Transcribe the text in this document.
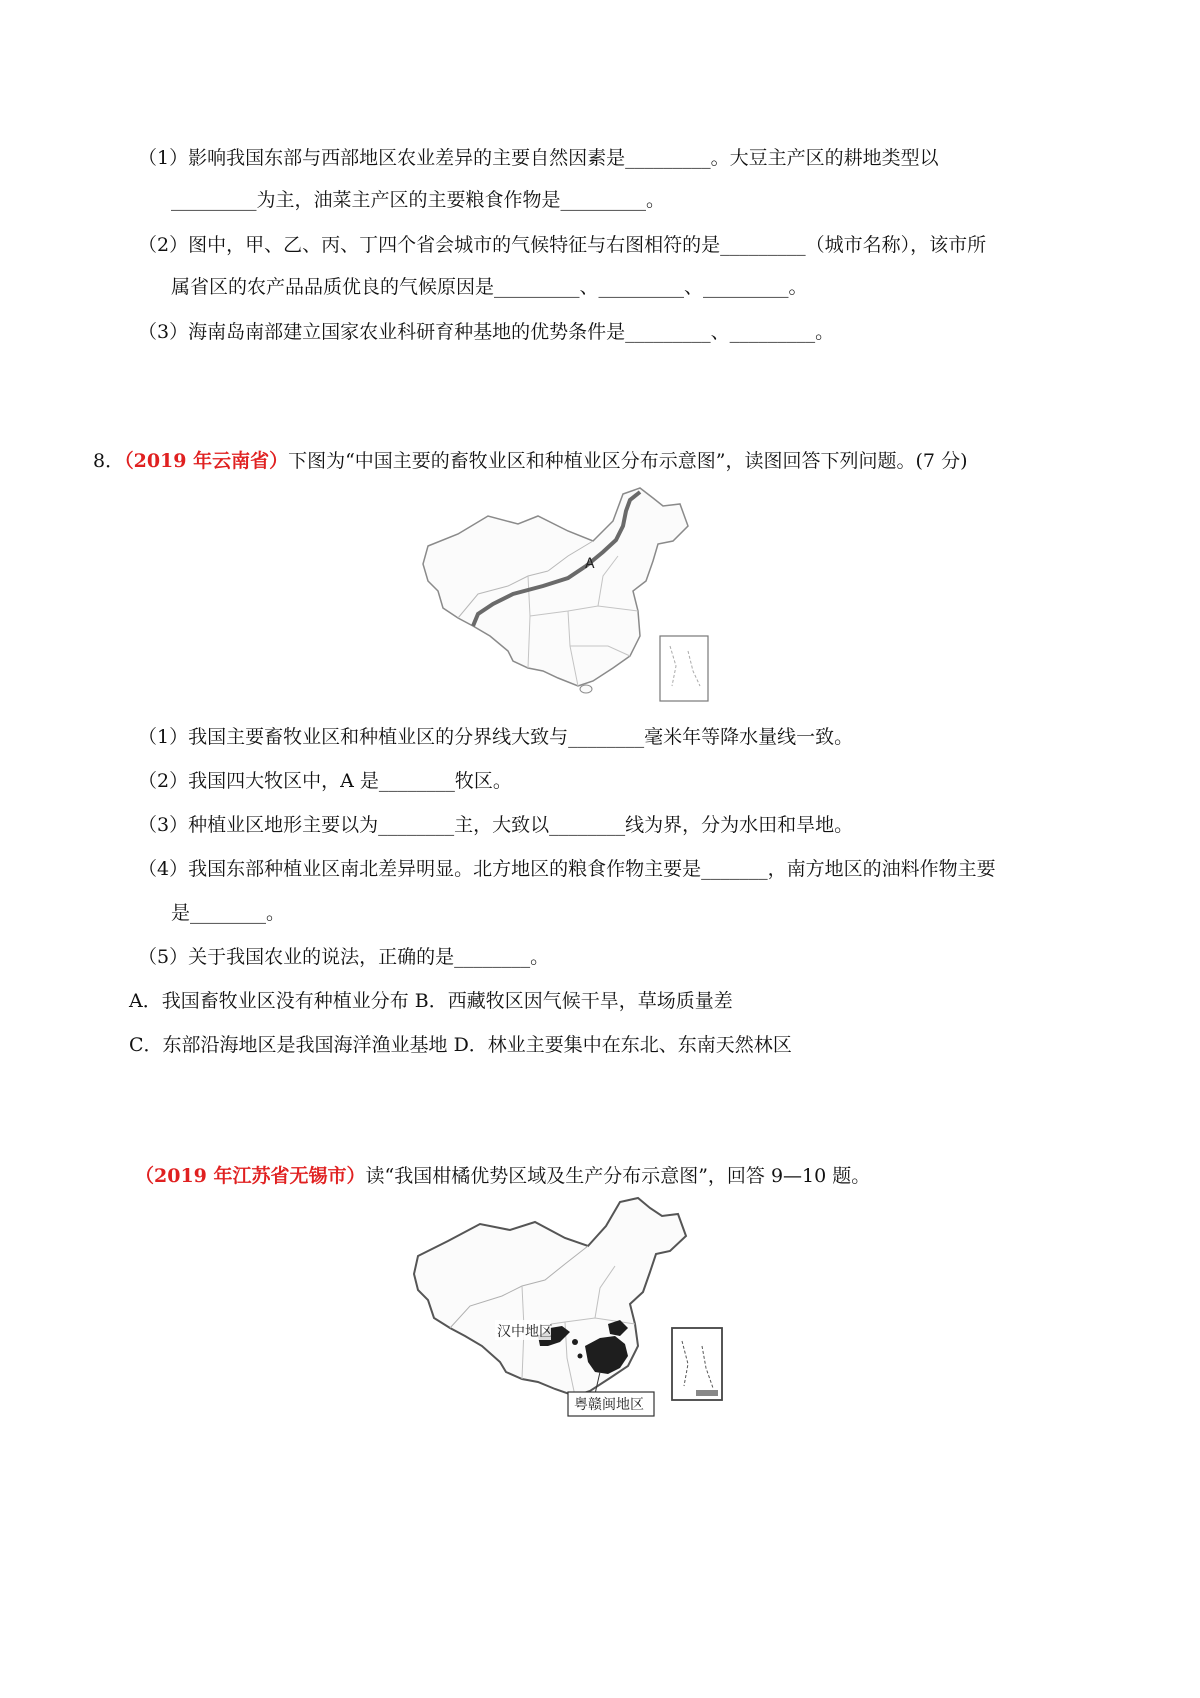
（1）影响我国东部与西部地区农业差异的主要自然因素是_________。大豆主产区的耕地类型以
_________为主，油菜主产区的主要粮食作物是_________。
（2）图中，甲、乙、丙、丁四个省会城市的气候特征与右图相符的是_________（城市名称），该市所
属省区的农产品品质优良的气候原因是_________、_________、_________。
（3）海南岛南部建立国家农业科研育种基地的优势条件是_________、_________。
8．（2019 年云南省）下图为“中国主要的畜牧业区和种植业区分布示意图”，读图回答下列问题。(7 分)
A
（1）我国主要畜牧业区和种植业区的分界线大致与________毫米年等降水量线一致。
（2）我国四大牧区中，A 是________牧区。
（3）种植业区地形主要以为________主，大致以________线为界，分为水田和旱地。
（4）我国东部种植业区南北差异明显。北方地区的粮食作物主要是_______，南方地区的油料作物主要
是________。
（5）关于我国农业的说法，正确的是________。
A．我国畜牧业区没有种植业分布 B．西藏牧区因气候干旱，草场质量差
C．东部沿海地区是我国海洋渔业基地 D．林业主要集中在东北、东南天然林区
（2019 年江苏省无锡市）读“我国柑橘优势区域及生产分布示意图”，回答 9—10 题。
汉中地区
粤赣闽地区
